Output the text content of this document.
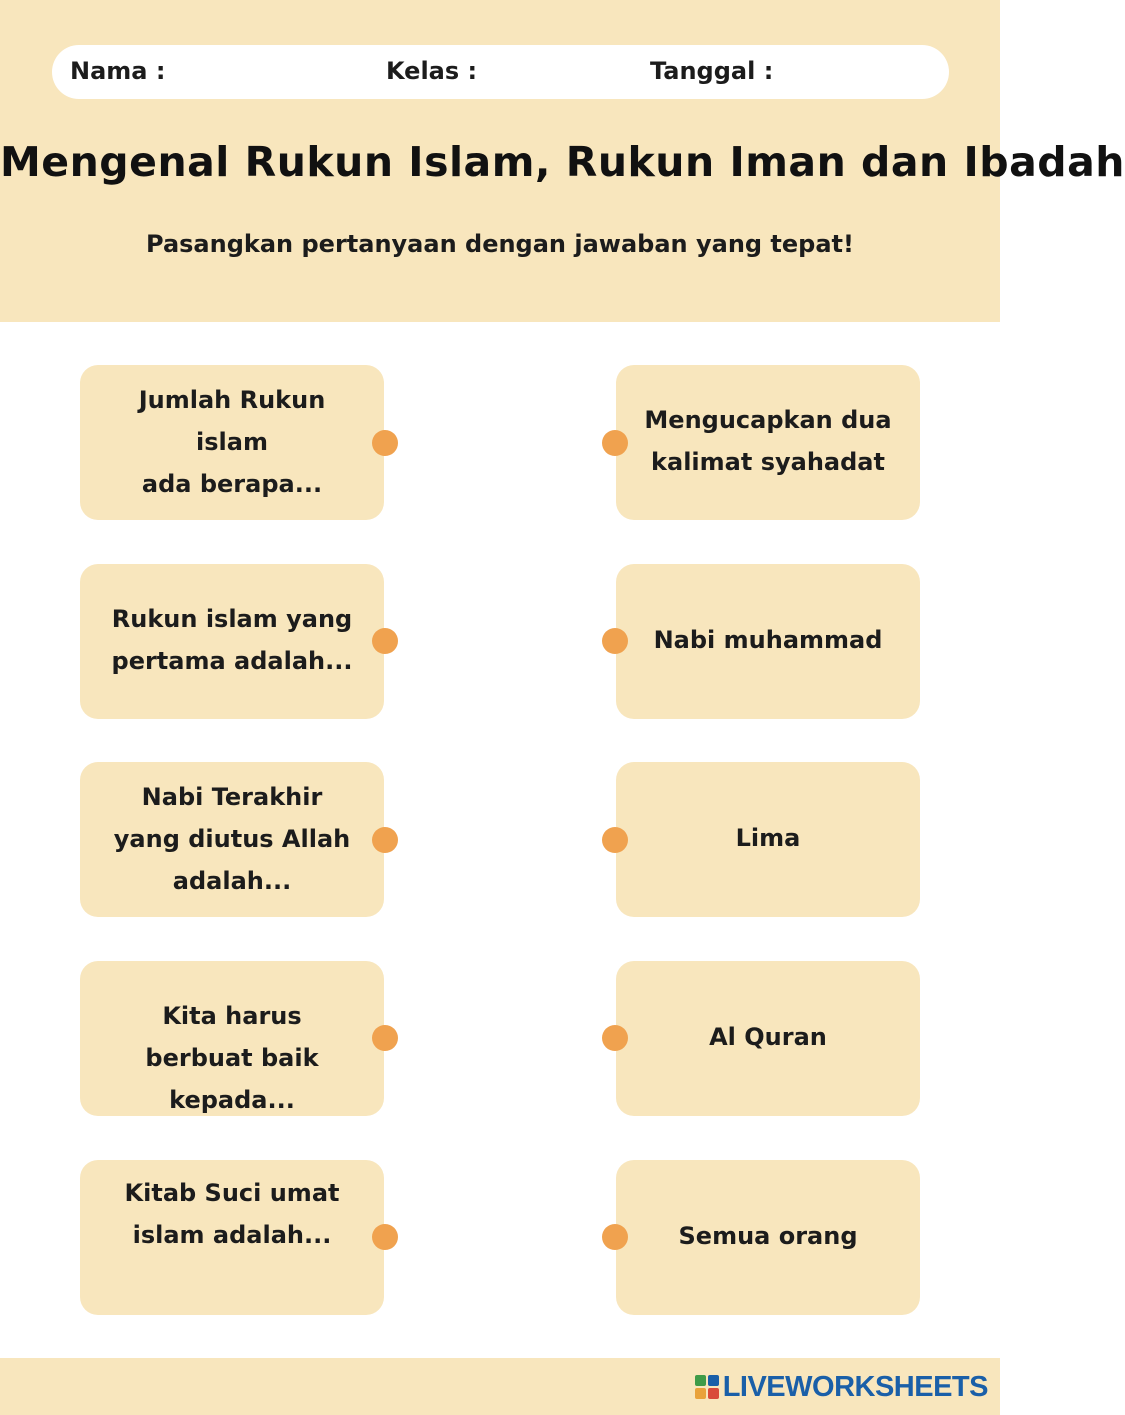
Nama :	Kelas :	Tanggal :
Mengenal Rukun Islam, Rukun Iman dan Ibadah
Pasangkan pertanyaan dengan jawaban yang tepat!
Jumlah Rukun islam
ada berapa...
Rukun islam yang
pertama adalah...
Nabi Terakhir
yang diutus Allah
adalah...
Kita harus
berbuat baik
kepada...
Kitab Suci umat
islam adalah...
Mengucapkan dua
kalimat syahadat
Nabi muhammad
Lima
Al Quran
Semua orang
LIVEWORKSHEETS
